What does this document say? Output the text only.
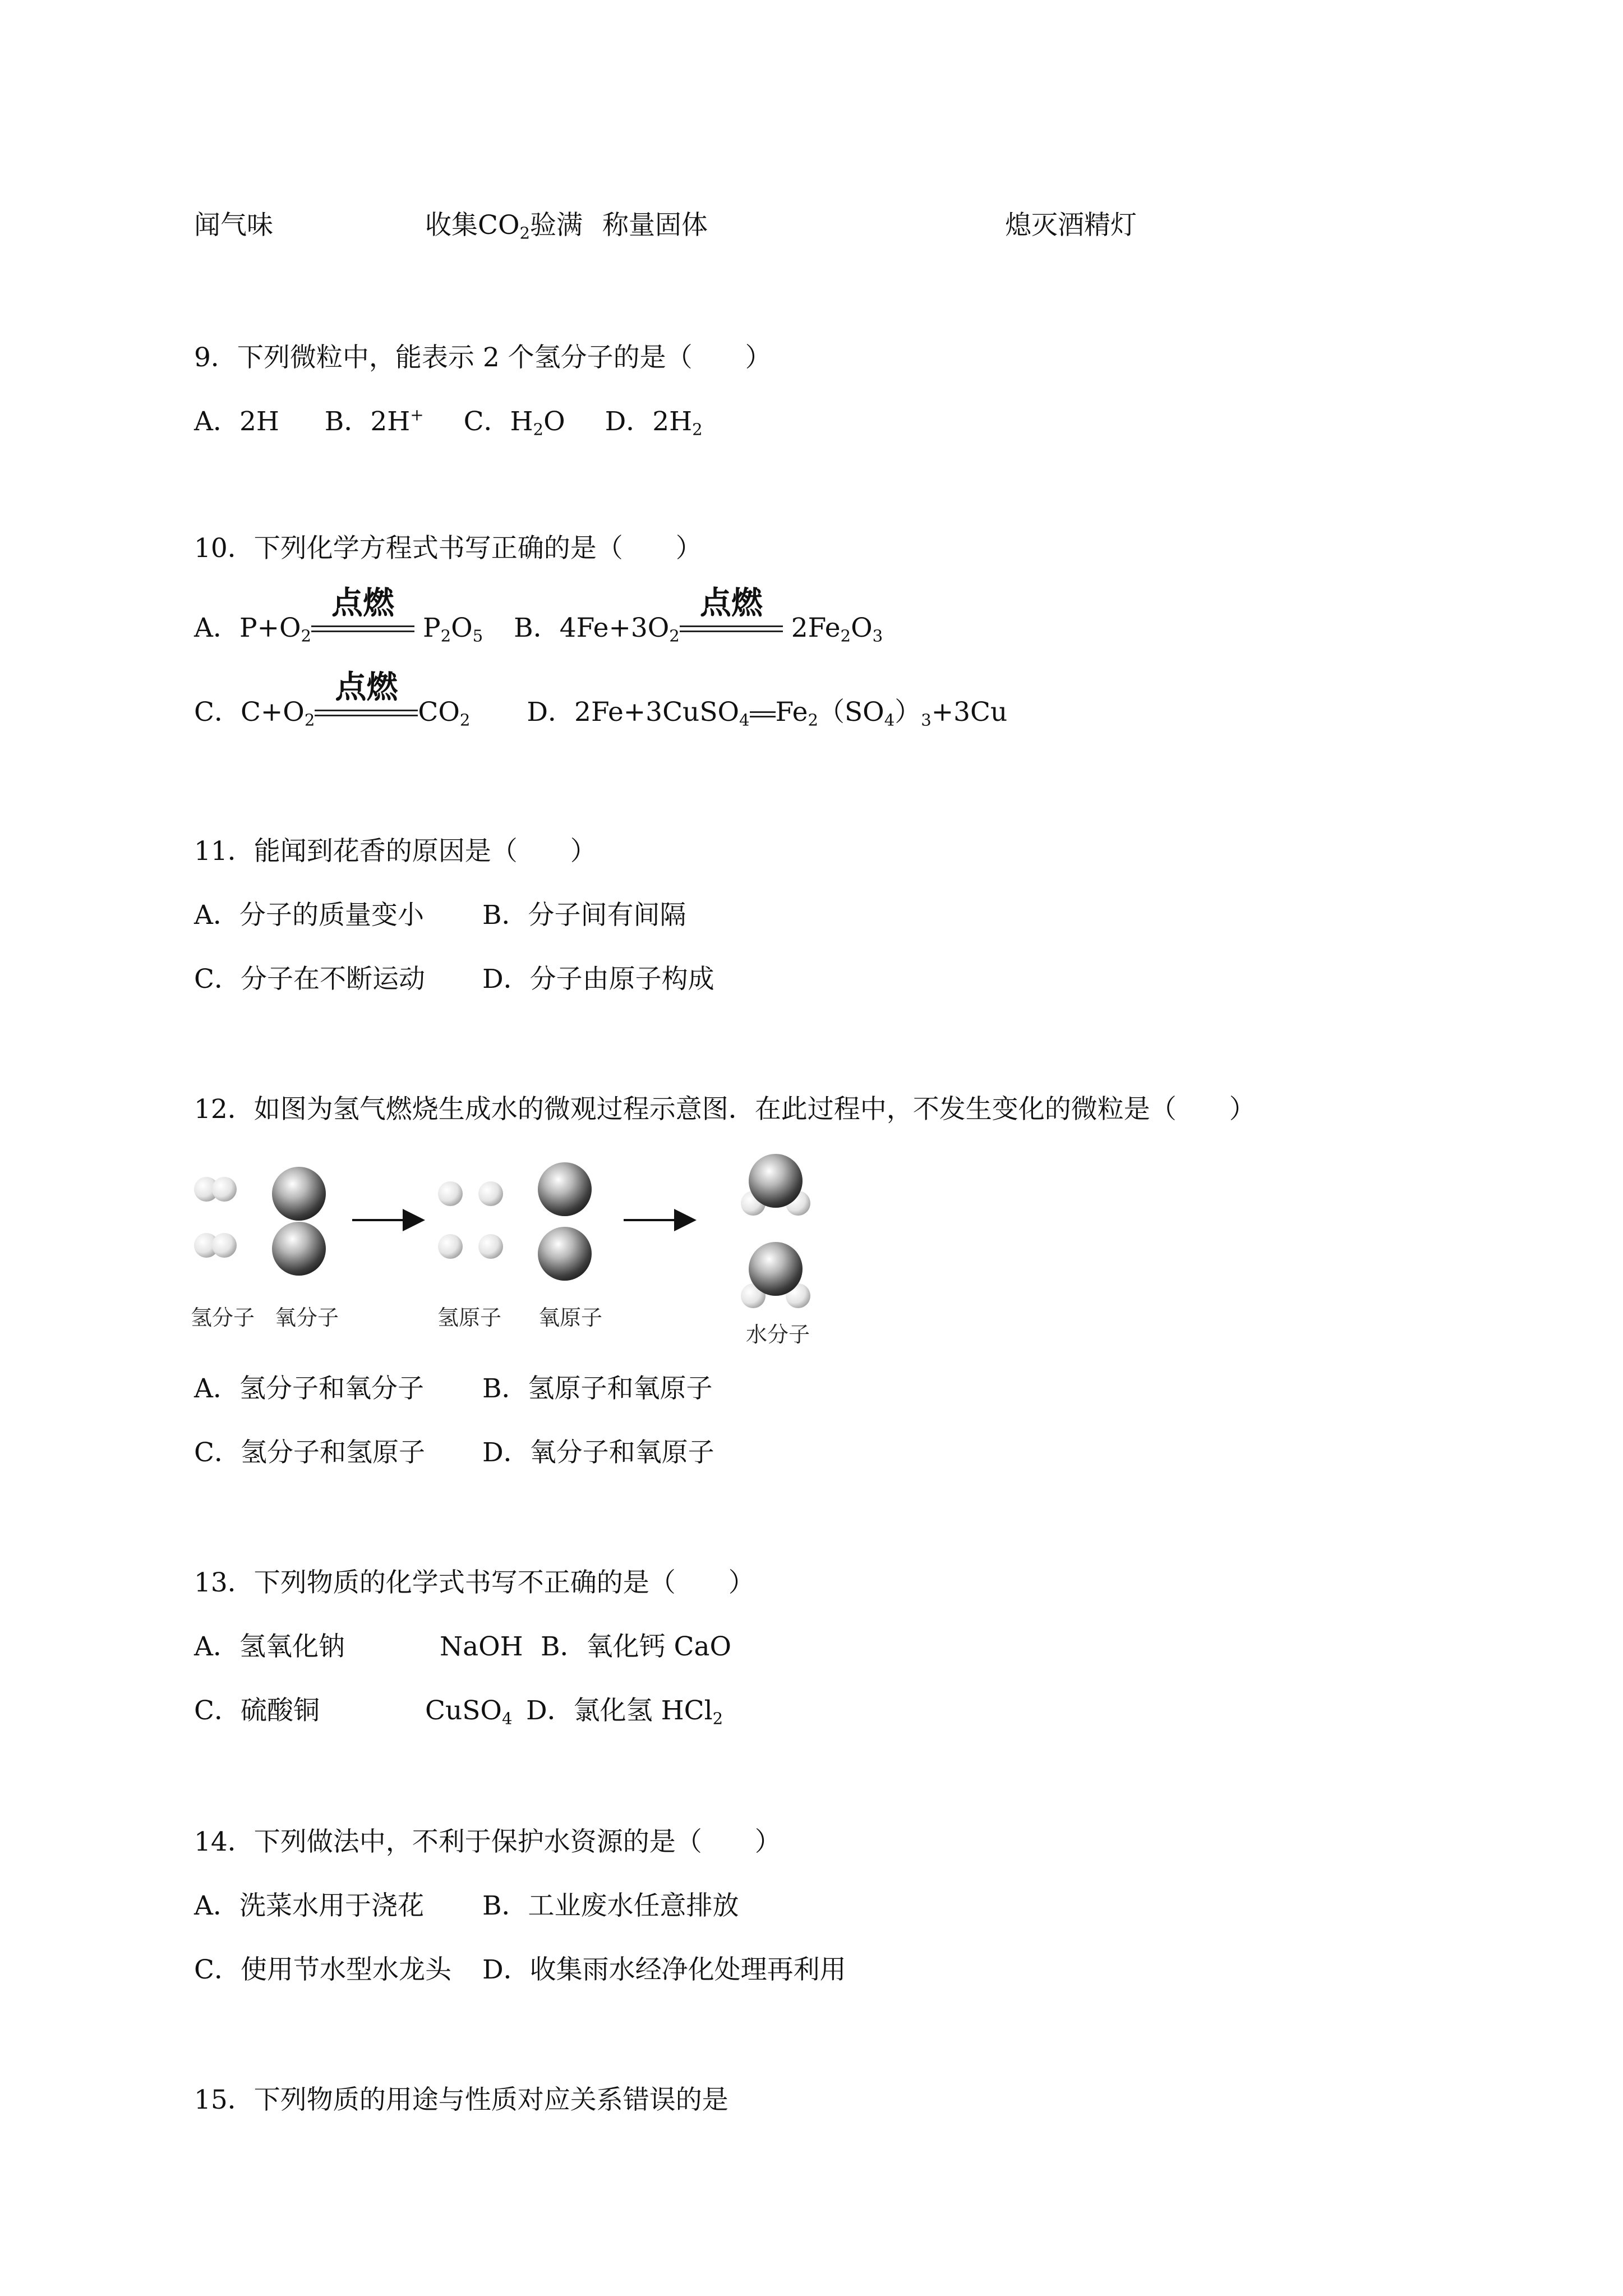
闻气味	收集$CO_2$验满 称量固体	熄灭酒精灯
9．下列微粒中，能表示 2 个氢分子的是（　　）
A．2H B．2H+ C．$H_2O$ D．$2H_2$
10．下列化学方程式书写正确的是（　　）
A．$P+O_2$
点燃
$P_2O_5$ B．$4Fe+3O_2$
点燃
$2Fe_2O_3$
C．$C+O_2$
点燃
$CO_2$ D．2Fe+3CuSO$_4$ $Fe_2(SO_4)_3+3Cu$
11．能闻到花香的原因是（　　）
A．分子的质量变小 B．分子间有间隔
C．分子在不断运动 D．分子由原子构成
12．如图为氢气燃烧生成水的微观过程示意图．在此过程中，不发生变化的微粒是（　　）
氢分子 氧分子	氢原子 氧原子
水分子
A．氢分子和氧分子 B．氢原子和氧原子
C．氢分子和氢原子 D．氧分子和氧原子
13．下列物质的化学式书写不正确的是（　　）
A．氢氧化钠	NaOH B．氧化钙 CaO
C．硫酸铜	CuSO$_4$ D．氯化氢 HCl$_2$
14．下列做法中，不利于保护水资源的是（　　）
A．洗菜水用于浇花 B．工业废水任意排放
C．使用节水型水龙头 D．收集雨水经净化处理再利用
15．下列物质的用途与性质对应关系错误的是
